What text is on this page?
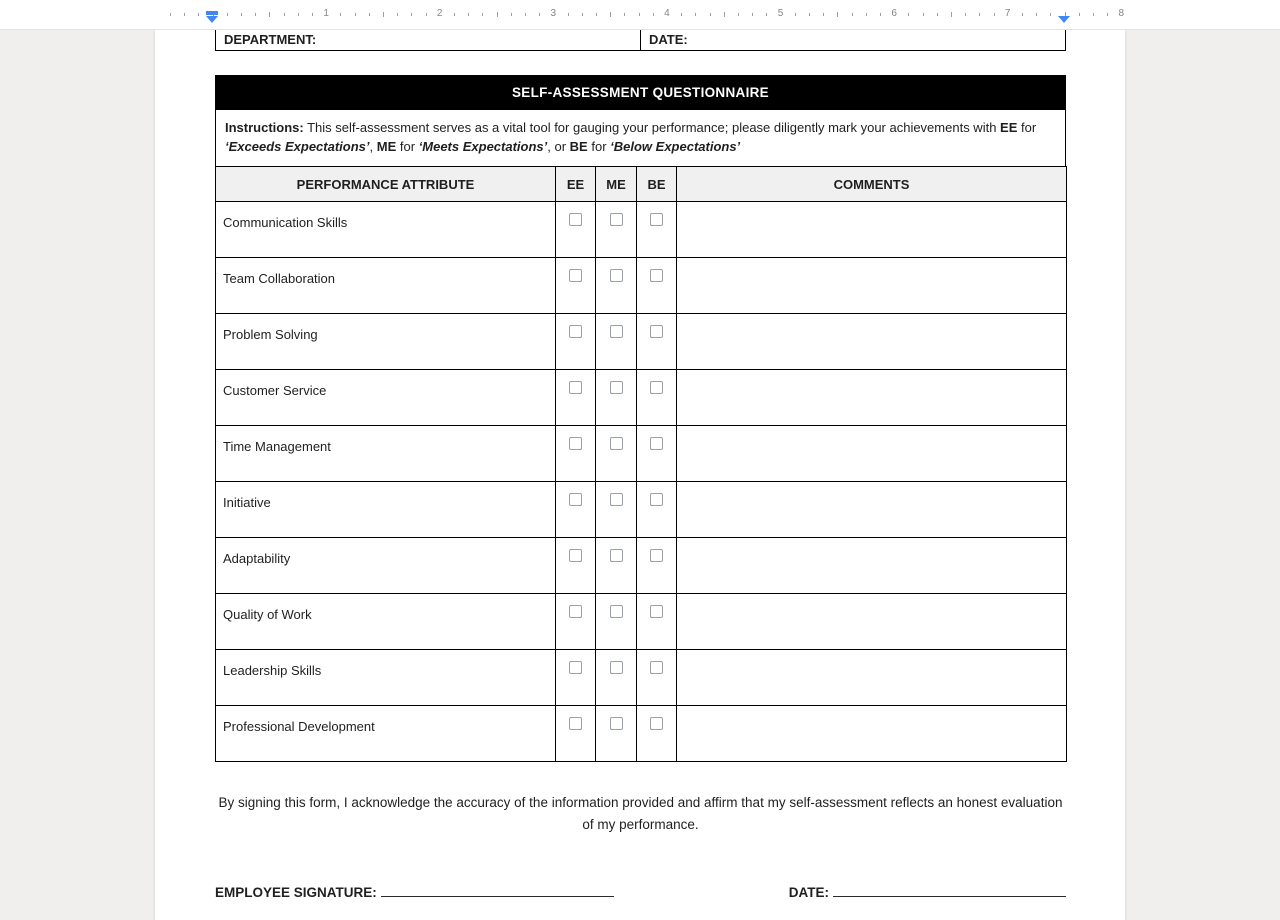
1	2	3	4	5	6	7	8
DEPARTMENT:	DATE:
SELF-ASSESSMENT QUESTIONNAIRE

Instructions: This self-assessment serves as a vital tool for gauging your performance; please diligently mark your achievements with EE for ‘Exceeds Expectations’, ME for ‘Meets Expectations’, or BE for ‘Below Expectations’

PERFORMANCE ATTRIBUTE	EE	ME	BE	COMMENTS
Communication Skills	

Team Collaboration	

Problem Solving	

Customer Service	

Time Management	

Initiative	

Adaptability	

Quality of Work	

Leadership Skills	

Professional Development	

By signing this form, I acknowledge the accuracy of the information provided and affirm that my self-assessment reflects an honest evaluation of my performance.

EMPLOYEE SIGNATURE:	DATE:
